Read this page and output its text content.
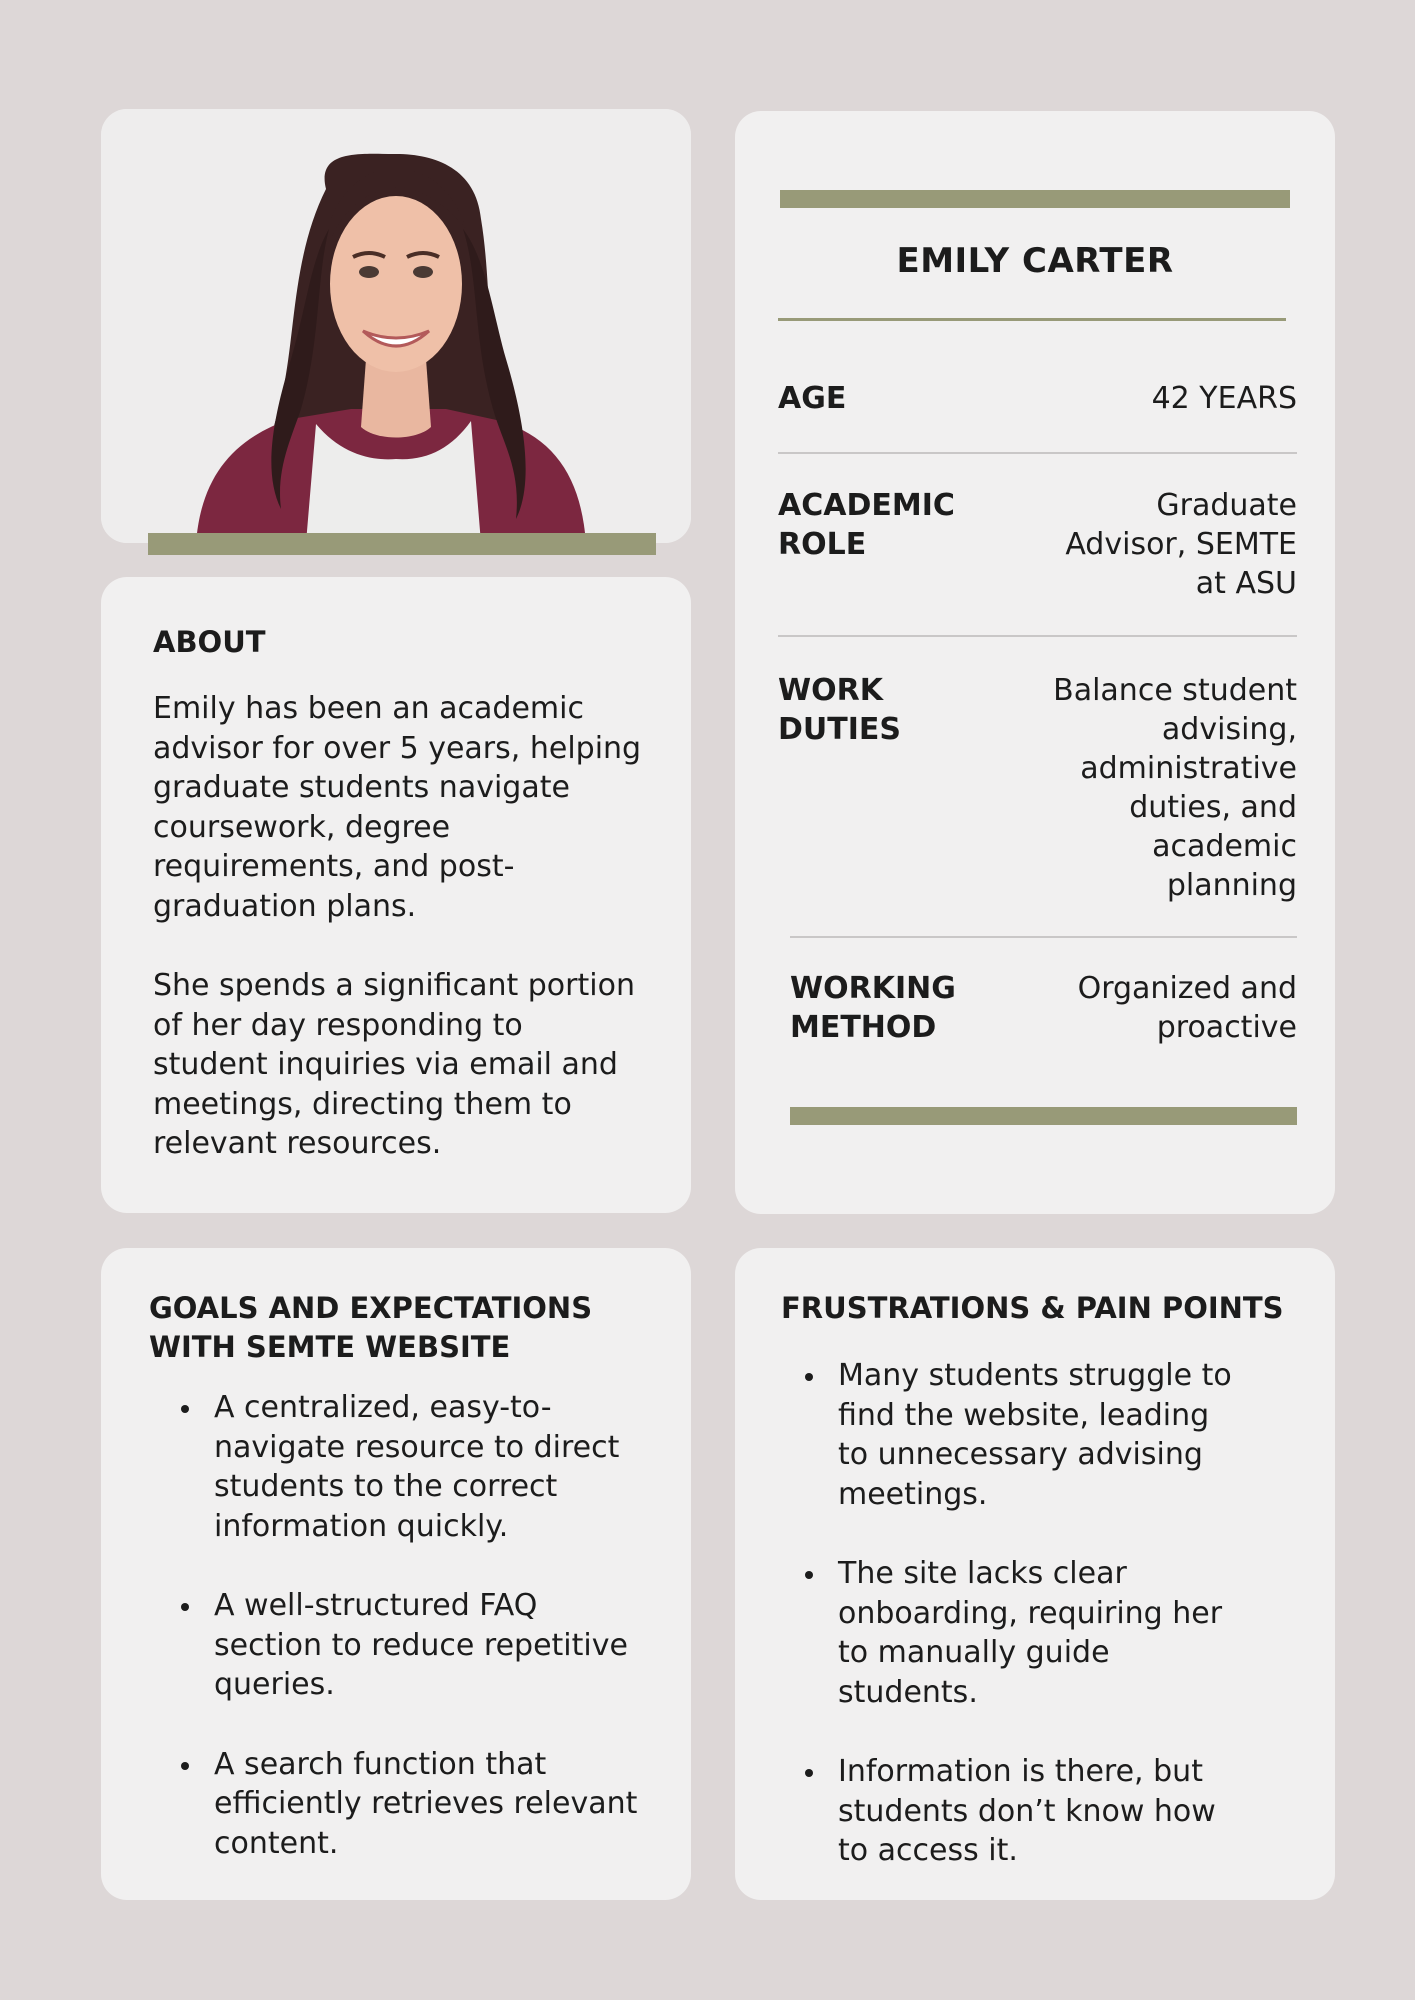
EMILY CARTER
AGE	42 YEARS
ACADEMIC
ROLE
Graduate
Advisor, SEMTE
at ASU
WORK
DUTIES
Balance student
advising,
administrative
duties, and
academic
planning
WORKING
METHOD
Organized and
proactive
ABOUT
Emily has been an academic
advisor for over 5 years, helping
graduate students navigate
coursework, degree
requirements, and post-
graduation plans.
She spends a significant portion
of her day responding to
student inquiries via email and
meetings, directing them to
relevant resources.
GOALS AND EXPECTATIONS
WITH SEMTE WEBSITE
A centralized, easy-to-
navigate resource to direct
students to the correct
information quickly.
A well-structured FAQ
section to reduce repetitive
queries.
A search function that
efficiently retrieves relevant
content.
FRUSTRATIONS & PAIN POINTS
Many students struggle to
find the website, leading
to unnecessary advising
meetings.
The site lacks clear
onboarding, requiring her
to manually guide
students.
Information is there, but
students don’t know how
to access it.
